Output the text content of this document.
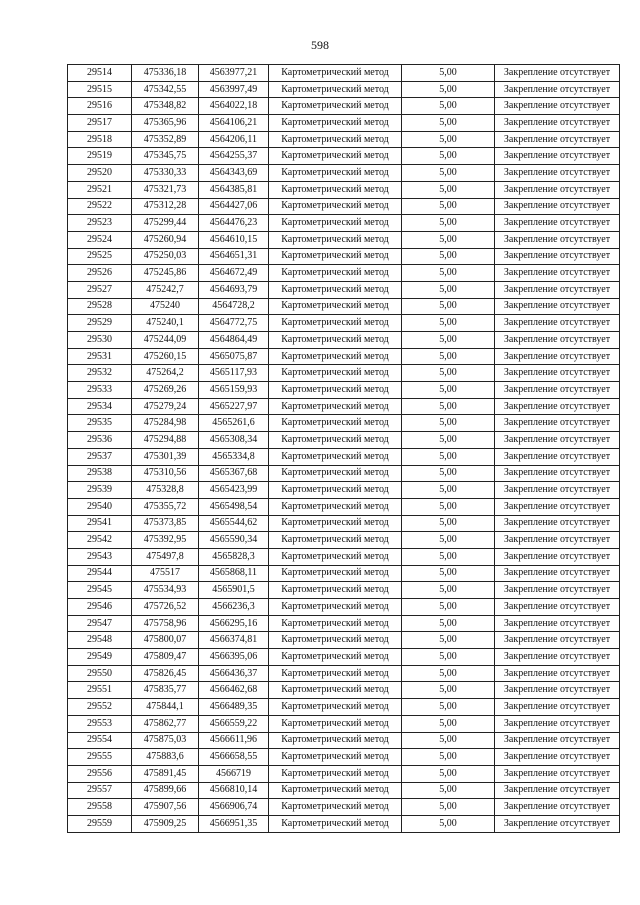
598
29514	475336,18	4563977,21	Картометрический метод	5,00	Закрепление отсутствует
29515	475342,55	4563997,49	Картометрический метод	5,00	Закрепление отсутствует
29516	475348,82	4564022,18	Картометрический метод	5,00	Закрепление отсутствует
29517	475365,96	4564106,21	Картометрический метод	5,00	Закрепление отсутствует
29518	475352,89	4564206,11	Картометрический метод	5,00	Закрепление отсутствует
29519	475345,75	4564255,37	Картометрический метод	5,00	Закрепление отсутствует
29520	475330,33	4564343,69	Картометрический метод	5,00	Закрепление отсутствует
29521	475321,73	4564385,81	Картометрический метод	5,00	Закрепление отсутствует
29522	475312,28	4564427,06	Картометрический метод	5,00	Закрепление отсутствует
29523	475299,44	4564476,23	Картометрический метод	5,00	Закрепление отсутствует
29524	475260,94	4564610,15	Картометрический метод	5,00	Закрепление отсутствует
29525	475250,03	4564651,31	Картометрический метод	5,00	Закрепление отсутствует
29526	475245,86	4564672,49	Картометрический метод	5,00	Закрепление отсутствует
29527	475242,7	4564693,79	Картометрический метод	5,00	Закрепление отсутствует
29528	475240	4564728,2	Картометрический метод	5,00	Закрепление отсутствует
29529	475240,1	4564772,75	Картометрический метод	5,00	Закрепление отсутствует
29530	475244,09	4564864,49	Картометрический метод	5,00	Закрепление отсутствует
29531	475260,15	4565075,87	Картометрический метод	5,00	Закрепление отсутствует
29532	475264,2	4565117,93	Картометрический метод	5,00	Закрепление отсутствует
29533	475269,26	4565159,93	Картометрический метод	5,00	Закрепление отсутствует
29534	475279,24	4565227,97	Картометрический метод	5,00	Закрепление отсутствует
29535	475284,98	4565261,6	Картометрический метод	5,00	Закрепление отсутствует
29536	475294,88	4565308,34	Картометрический метод	5,00	Закрепление отсутствует
29537	475301,39	4565334,8	Картометрический метод	5,00	Закрепление отсутствует
29538	475310,56	4565367,68	Картометрический метод	5,00	Закрепление отсутствует
29539	475328,8	4565423,99	Картометрический метод	5,00	Закрепление отсутствует
29540	475355,72	4565498,54	Картометрический метод	5,00	Закрепление отсутствует
29541	475373,85	4565544,62	Картометрический метод	5,00	Закрепление отсутствует
29542	475392,95	4565590,34	Картометрический метод	5,00	Закрепление отсутствует
29543	475497,8	4565828,3	Картометрический метод	5,00	Закрепление отсутствует
29544	475517	4565868,11	Картометрический метод	5,00	Закрепление отсутствует
29545	475534,93	4565901,5	Картометрический метод	5,00	Закрепление отсутствует
29546	475726,52	4566236,3	Картометрический метод	5,00	Закрепление отсутствует
29547	475758,96	4566295,16	Картометрический метод	5,00	Закрепление отсутствует
29548	475800,07	4566374,81	Картометрический метод	5,00	Закрепление отсутствует
29549	475809,47	4566395,06	Картометрический метод	5,00	Закрепление отсутствует
29550	475826,45	4566436,37	Картометрический метод	5,00	Закрепление отсутствует
29551	475835,77	4566462,68	Картометрический метод	5,00	Закрепление отсутствует
29552	475844,1	4566489,35	Картометрический метод	5,00	Закрепление отсутствует
29553	475862,77	4566559,22	Картометрический метод	5,00	Закрепление отсутствует
29554	475875,03	4566611,96	Картометрический метод	5,00	Закрепление отсутствует
29555	475883,6	4566658,55	Картометрический метод	5,00	Закрепление отсутствует
29556	475891,45	4566719	Картометрический метод	5,00	Закрепление отсутствует
29557	475899,66	4566810,14	Картометрический метод	5,00	Закрепление отсутствует
29558	475907,56	4566906,74	Картометрический метод	5,00	Закрепление отсутствует
29559	475909,25	4566951,35	Картометрический метод	5,00	Закрепление отсутствует
